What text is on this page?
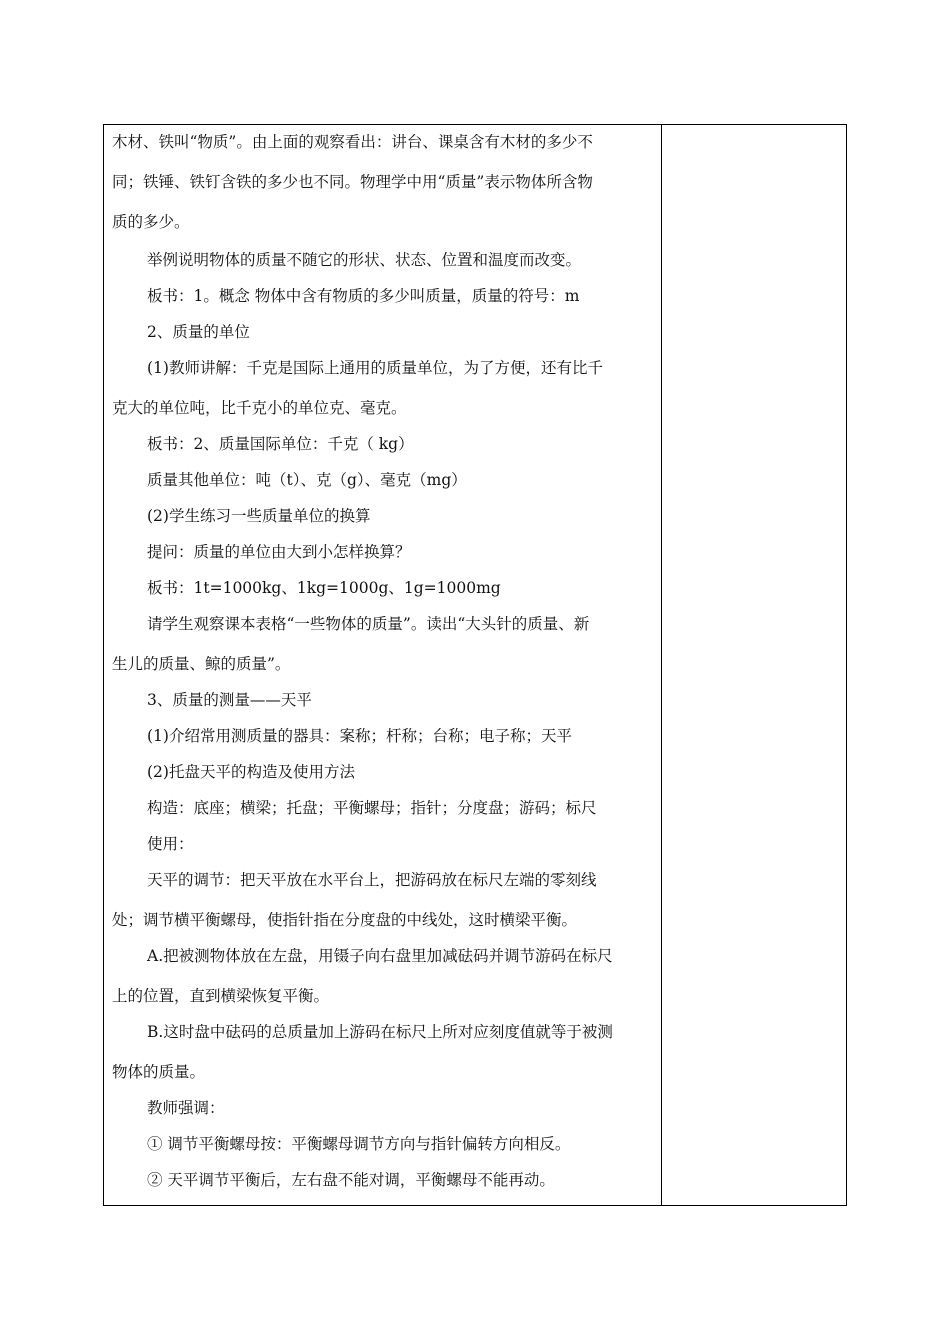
木材、铁叫“物质”。由上面的观察看出：讲台、课桌含有木材的多少不
同；铁锤、铁钉含铁的多少也不同。物理学中用“质量”表示物体所含物
质的多少。
举例说明物体的质量不随它的形状、状态、位置和温度而改变。
板书：1。概念 物体中含有物质的多少叫质量，质量的符号：m
2、质量的单位
(1)教师讲解：千克是国际上通用的质量单位，为了方便，还有比千
克大的单位吨，比千克小的单位克、毫克。
板书：2、质量国际单位：千克（ kg）
质量其他单位：吨（t）、克（g）、毫克（mg）
(2)学生练习一些质量单位的换算
提问：质量的单位由大到小怎样换算？
板书：1t=1000kg、1kg=1000g、1g=1000mg
请学生观察课本表格“一些物体的质量”。读出“大头针的质量、新
生儿的质量、鲸的质量”。
3、质量的测量——天平
(1)介绍常用测质量的器具：案称；杆称；台称；电子称；天平
(2)托盘天平的构造及使用方法
构造：底座；横梁；托盘；平衡螺母；指针；分度盘；游码；标尺
使用：
天平的调节：把天平放在水平台上，把游码放在标尺左端的零刻线
处；调节横平衡螺母，使指针指在分度盘的中线处，这时横梁平衡。
A.把被测物体放在左盘，用镊子向右盘里加减砝码并调节游码在标尺
上的位置，直到横梁恢复平衡。
B.这时盘中砝码的总质量加上游码在标尺上所对应刻度值就等于被测
物体的质量。
教师强调：
① 调节平衡螺母按：平衡螺母调节方向与指针偏转方向相反。
② 天平调节平衡后，左右盘不能对调，平衡螺母不能再动。
